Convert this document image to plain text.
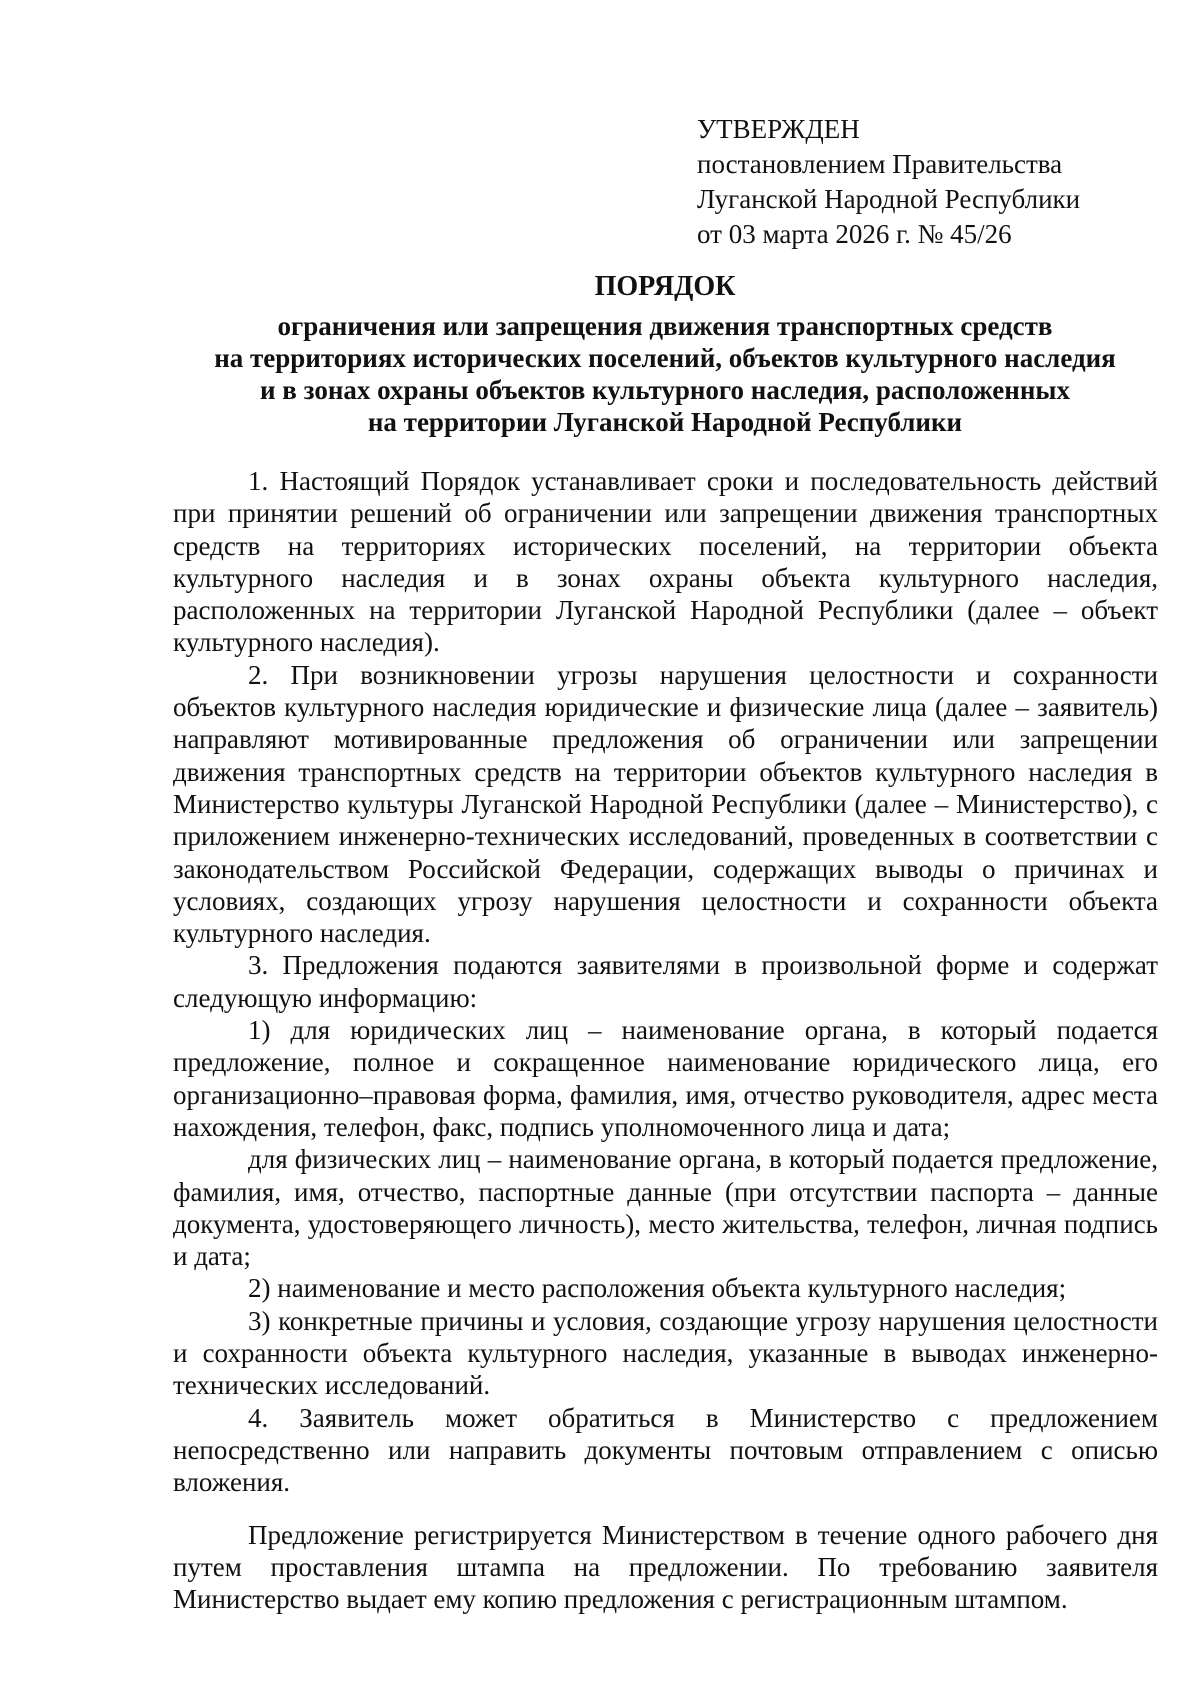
УТВЕРЖДЕН
постановлением Правительства
Луганской Народной Республики
от 03 марта 2026 г. № 45/26
ПОРЯДОК
ограничения или запрещения движения транспортных средств
на территориях исторических поселений, объектов культурного наследия
и в зонах охраны объектов культурного наследия, расположенных
на территории Луганской Народной Республики

1. Настоящий Порядок устанавливает сроки и последовательность действий при принятии решений об ограничении или запрещении движения транспортных средств на территориях исторических поселений, на территории объекта культурного наследия и в зонах охраны объекта культурного наследия, расположенных на территории Луганской Народной Республики (далее – объект культурного наследия).

2. При возникновении угрозы нарушения целостности и сохранности объектов культурного наследия юридические и физические лица (далее – заявитель) направляют мотивированные предложения об ограничении или запрещении движения транспортных средств на территории объектов культурного наследия в Министерство культуры Луганской Народной Республики (далее – Министерство), с приложением инженерно-технических исследований, проведенных в соответствии с законодательством Российской Федерации, содержащих выводы о причинах и условиях, создающих угрозу нарушения целостности и сохранности объекта культурного наследия.

3. Предложения подаются заявителями в произвольной форме и содержат следующую информацию:

1) для юридических лиц – наименование органа, в который подается предложение, полное и сокращенное наименование юридического лица, его организационно–правовая форма, фамилия, имя, отчество руководителя, адрес места нахождения, телефон, факс, подпись уполномоченного лица и дата;

для физических лиц – наименование органа, в который подается предложение, фамилия, имя, отчество, паспортные данные (при отсутствии паспорта – данные документа, удостоверяющего личность), место жительства, телефон, личная подпись и дата;

2) наименование и место расположения объекта культурного наследия;

3) конкретные причины и условия, создающие угрозу нарушения целостности и сохранности объекта культурного наследия, указанные в выводах инженерно-технических исследований.

4. Заявитель может обратиться в Министерство с предложением непосредственно или направить документы почтовым отправлением с описью вложения.

Предложение регистрируется Министерством в течение одного рабочего дня путем проставления штампа на предложении. По требованию заявителя Министерство выдает ему копию предложения с регистрационным штампом.
